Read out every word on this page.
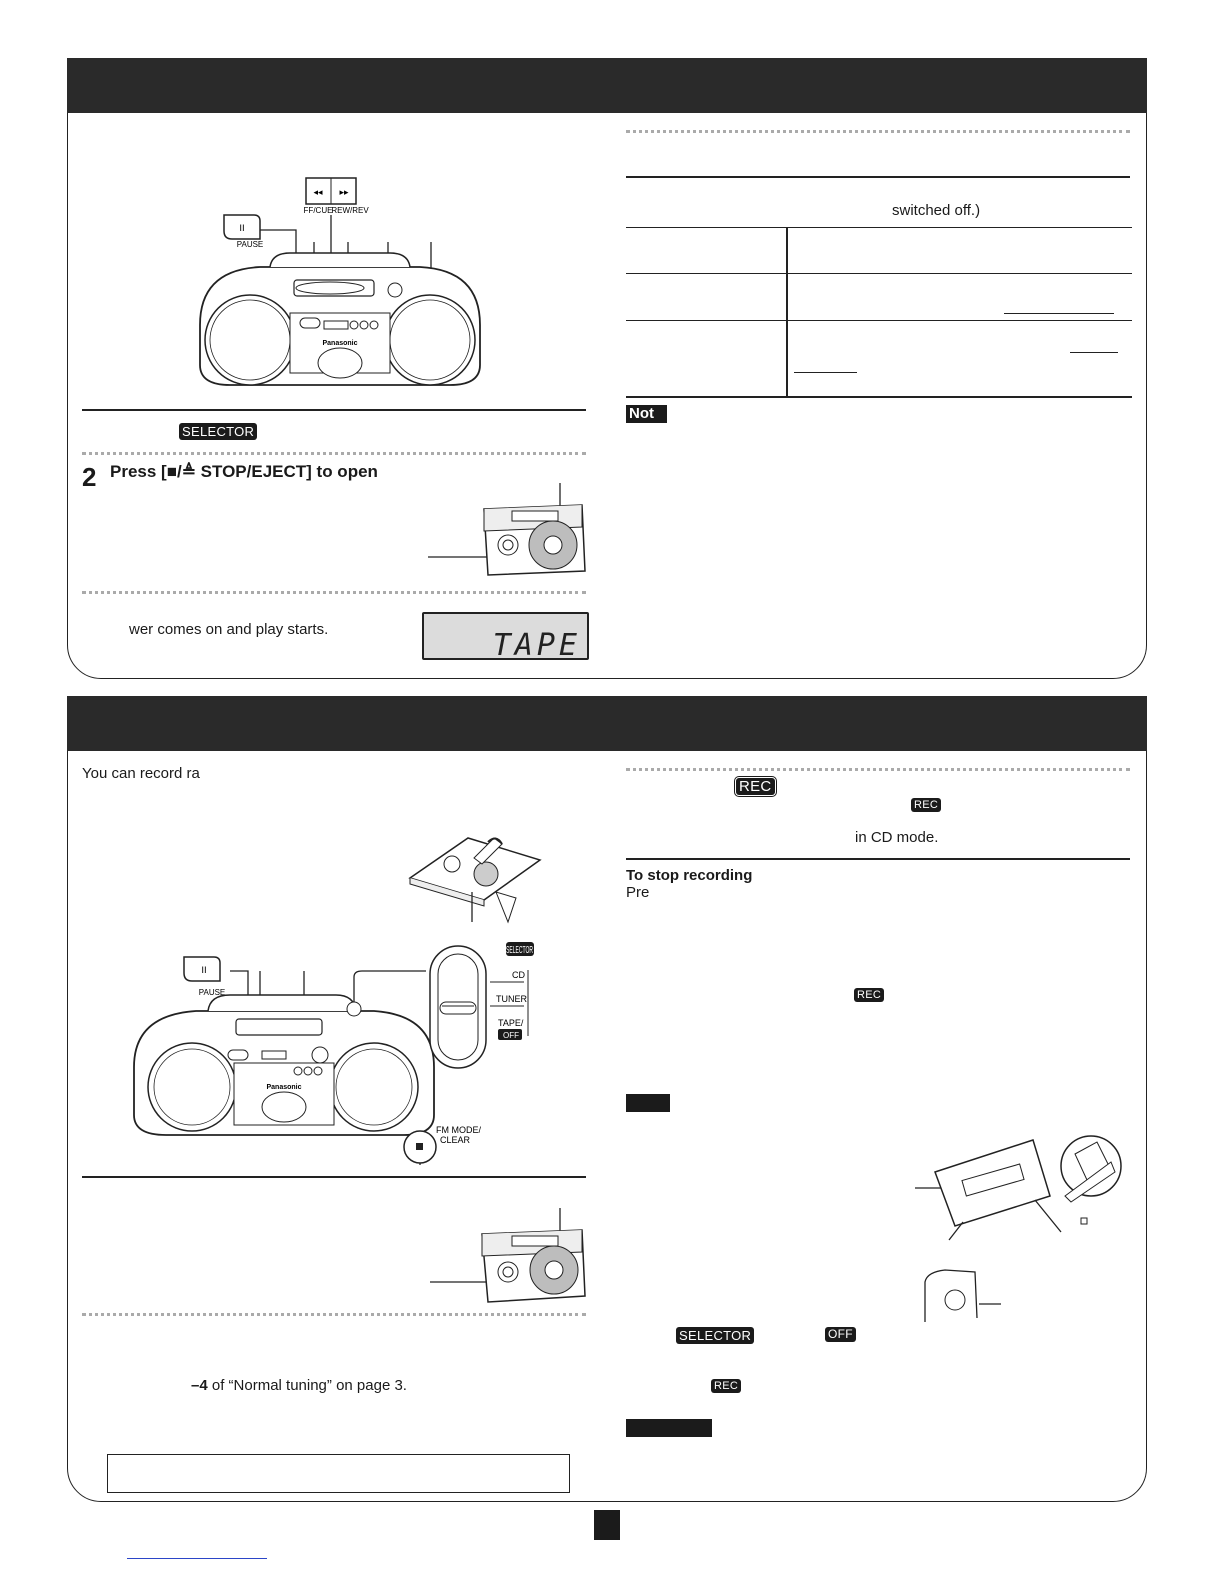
◂◂ ▸▸
FF/CUE
REW/REV
II
PAUSE
Panasonic
SELECTOR
2 Press [■/≜ STOP/EJECT] to open
wer comes on and play starts.	TAPE
switched off.)
Not
You can record ra
II
PAUSE
Panasonic
FM MODE/
CLEAR
SELECTOR
CD
TUNER
TAPE/
OFF
–4 of “Normal tuning” on page 3.
REC
REC
in CD mode.
To stop recording
Pre
REC
SELECTOR	OFF
REC
